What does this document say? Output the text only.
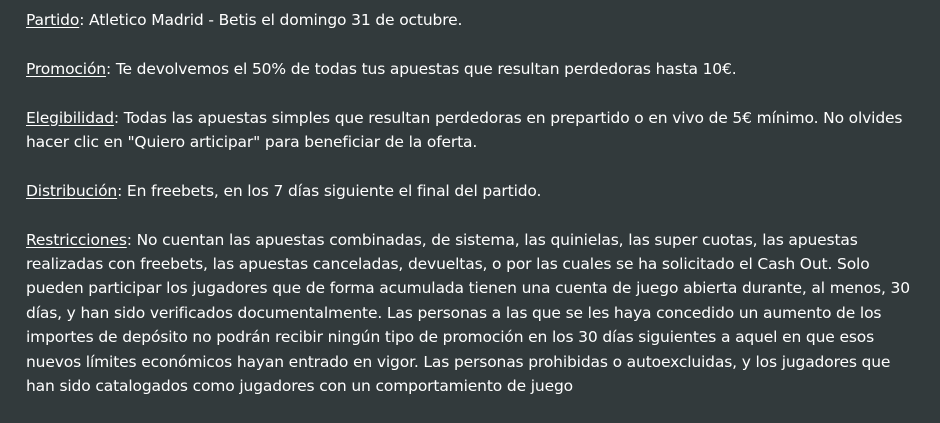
Partido: Atletico Madrid - Betis el domingo 31 de octubre.

Promoción: Te devolvemos el 50% de todas tus apuestas que resultan perdedoras hasta 10€.

Elegibilidad: Todas las apuestas simples que resultan perdedoras en prepartido o en vivo de 5€ mínimo. No olvides hacer clic en "Quiero articipar" para beneficiar de la oferta.

Distribución: En freebets, en los 7 días siguiente el final del partido.

Restricciones: No cuentan las apuestas combinadas, de sistema, las quinielas, las super cuotas, las apuestas realizadas con freebets, las apuestas canceladas, devueltas, o por las cuales se ha solicitado el Cash Out. Solo pueden participar los jugadores que de forma acumulada tienen una cuenta de juego abierta durante, al menos, 30 días, y han sido verificados documentalmente. Las personas a las que se les haya concedido un aumento de los importes de depósito no podrán recibir ningún tipo de promoción en los 30 días siguientes a aquel en que esos nuevos límites económicos hayan entrado en vigor. Las personas prohibidas o autoexcluidas, y los jugadores que han sido catalogados como jugadores con un comportamiento de juego
